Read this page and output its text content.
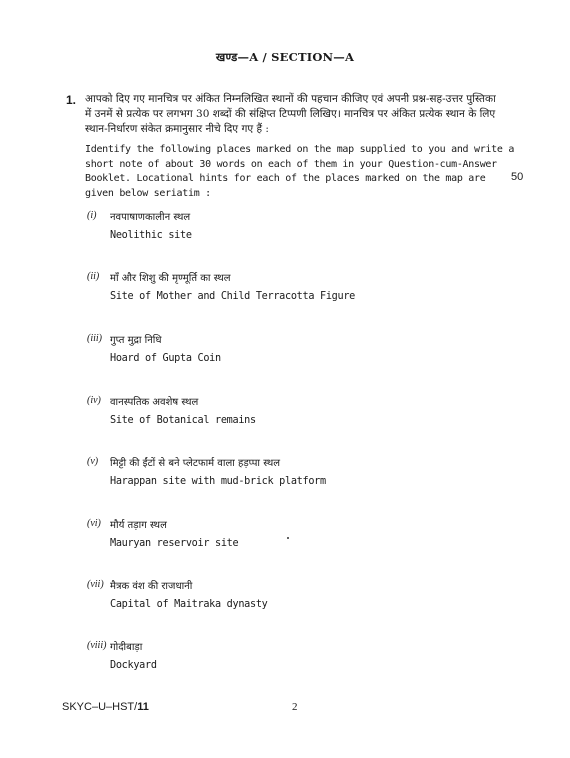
खण्ड—A / SECTION—A
1. आपको दिए गए मानचित्र पर अंकित निम्नलिखित स्थानों की पहचान कीजिए एवं अपनी प्रश्न-सह-उत्तर पुस्तिका में उनमें से प्रत्येक पर लगभग 30 शब्दों की संक्षिप्त टिप्पणी लिखिए। मानचित्र पर अंकित प्रत्येक स्थान के लिए स्थान-निर्धारण संकेत क्रमानुसार नीचे दिए गए हैं :
Identify the following places marked on the map supplied to you and write a short note of about 30 words on each of them in your Question-cum-Answer Booklet. Locational hints for each of the places marked on the map are given below seriatim :
50
(i) नवपाषाणकालीन स्थल
Neolithic site
(ii) माँ और शिशु की मृण्मूर्ति का स्थल
Site of Mother and Child Terracotta Figure
(iii) गुप्त मुद्रा निधि
Hoard of Gupta Coin
(iv) वानस्पतिक अवशेष स्थल
Site of Botanical remains
(v) मिट्टी की ईंटों से बने प्लेटफार्म वाला हड़प्पा स्थल
Harappan site with mud-brick platform
(vi) मौर्य तड़ाग स्थल
Mauryan reservoir site
(vii) मैत्रक वंश की राजधानी
Capital of Maitraka dynasty
(viii) गोदीबाड़ा
Dockyard
SKYC–U–HST/11	2
